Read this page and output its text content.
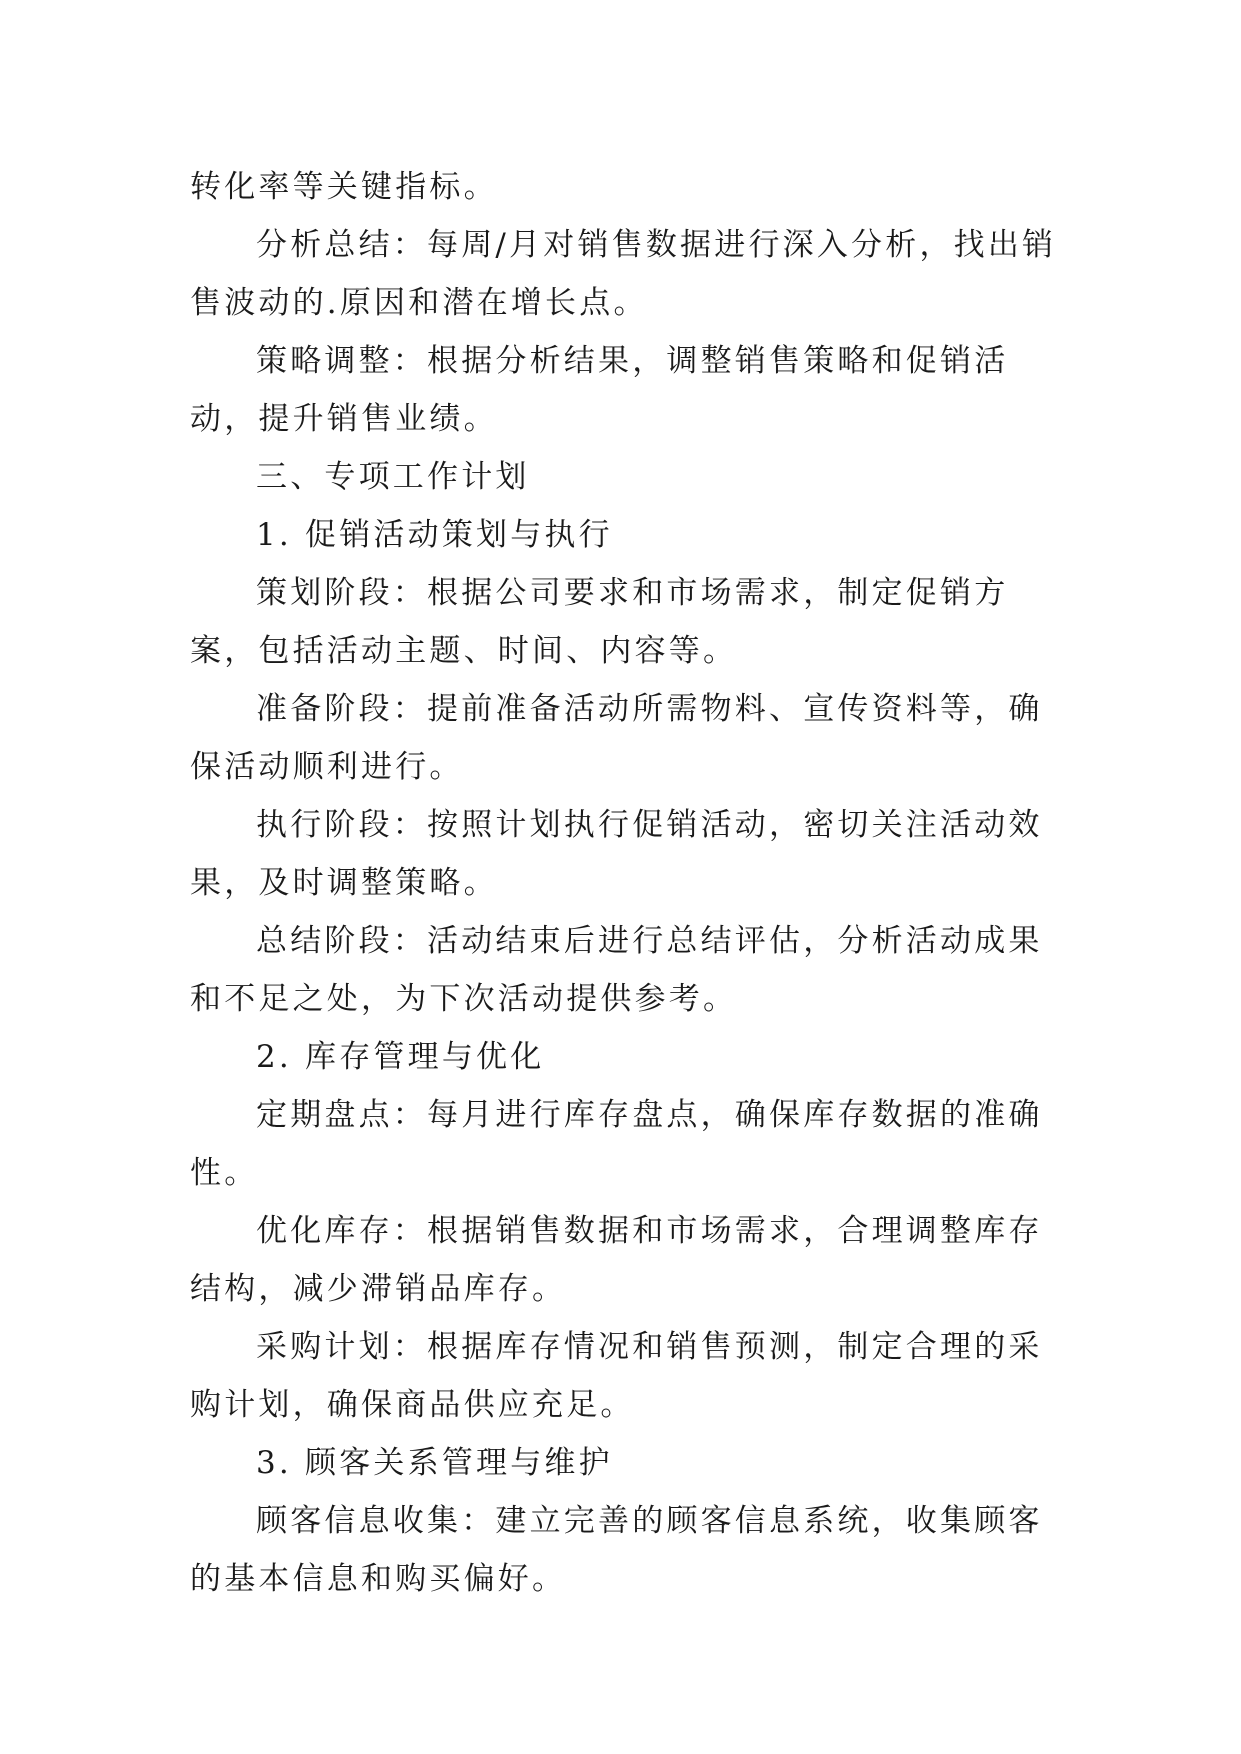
转化率等关键指标。

分析总结：每周/月对销售数据进行深入分析，找出销售波动的.原因和潜在增长点。

策略调整：根据分析结果，调整销售策略和促销活动，提升销售业绩。

三、专项工作计划

1. 促销活动策划与执行

策划阶段：根据公司要求和市场需求，制定促销方案，包括活动主题、时间、内容等。

准备阶段：提前准备活动所需物料、宣传资料等，确保活动顺利进行。

执行阶段：按照计划执行促销活动，密切关注活动效果，及时调整策略。

总结阶段：活动结束后进行总结评估，分析活动成果和不足之处，为下次活动提供参考。

2. 库存管理与优化

定期盘点：每月进行库存盘点，确保库存数据的准确性。

优化库存：根据销售数据和市场需求，合理调整库存结构，减少滞销品库存。

采购计划：根据库存情况和销售预测，制定合理的采购计划，确保商品供应充足。

3. 顾客关系管理与维护

顾客信息收集：建立完善的顾客信息系统，收集顾客的基本信息和购买偏好。
